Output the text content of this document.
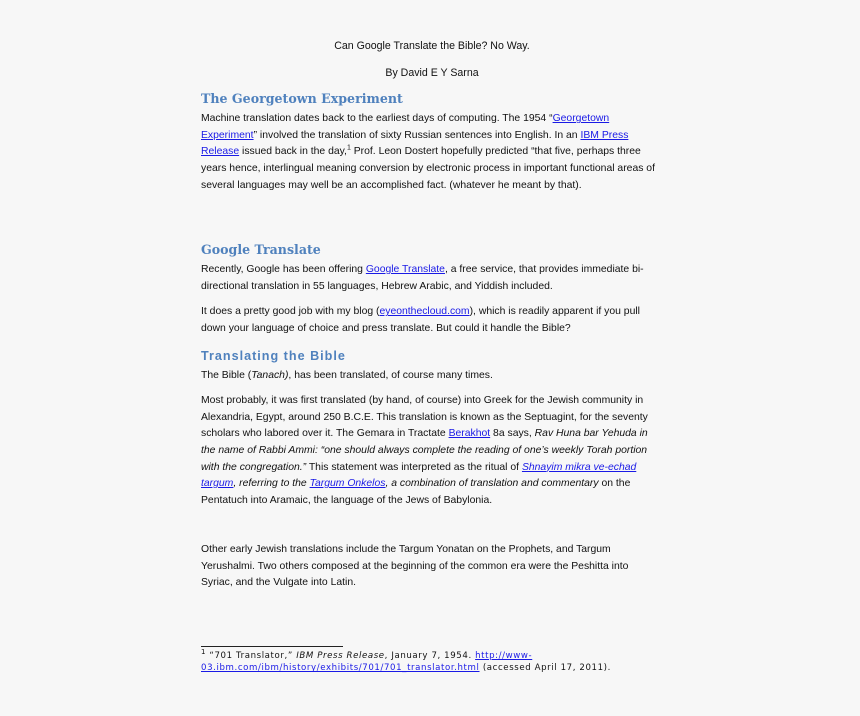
Can Google Translate the Bible? No Way.
By David E Y Sarna
The Georgetown Experiment

Machine translation dates back to the earliest days of computing. The 1954 “Georgetown Experiment” involved the translation of sixty Russian sentences into English. In an IBM Press Release issued back in the day,$^1$ Prof. Leon Dostert hopefully predicted “that five, perhaps three years hence, interlingual meaning conversion by electronic process in important functional areas of several languages may well be an accomplished fact. (whatever he meant by that).

Google Translate

Recently, Google has been offering Google Translate, a free service, that provides immediate bi-directional translation in 55 languages, Hebrew Arabic, and Yiddish included.

It does a pretty good job with my blog (eyeonthecloud.com), which is readily apparent if you pull down your language of choice and press translate. But could it handle the Bible?

Translating the Bible

The Bible (Tanach), has been translated, of course many times.

Most probably, it was first translated (by hand, of course) into Greek for the Jewish community in Alexandria, Egypt, around 250 B.C.E. This translation is known as the Septuagint, for the seventy scholars who labored over it. The Gemara in Tractate Berakhot 8a says, Rav Huna bar Yehuda in the name of Rabbi Ammi: “one should always complete the reading of one’s weekly Torah portion with the congregation.” This statement was interpreted as the ritual of Shnayim mikra ve-echad targum, referring to the Targum Onkelos, a combination of translation and commentary on the Pentatuch into Aramaic, the language of the Jews of Babylonia.

Other early Jewish translations include the Targum Yonatan on the Prophets, and Targum Yerushalmi. Two others composed at the beginning of the common era were the Peshitta into Syriac, and the Vulgate into Latin.

$^1$ “701 Translator,” IBM Press Release, January 7, 1954. http://www-03.ibm.com/ibm/history/exhibits/701/701_translator.html (accessed April 17, 2011).
